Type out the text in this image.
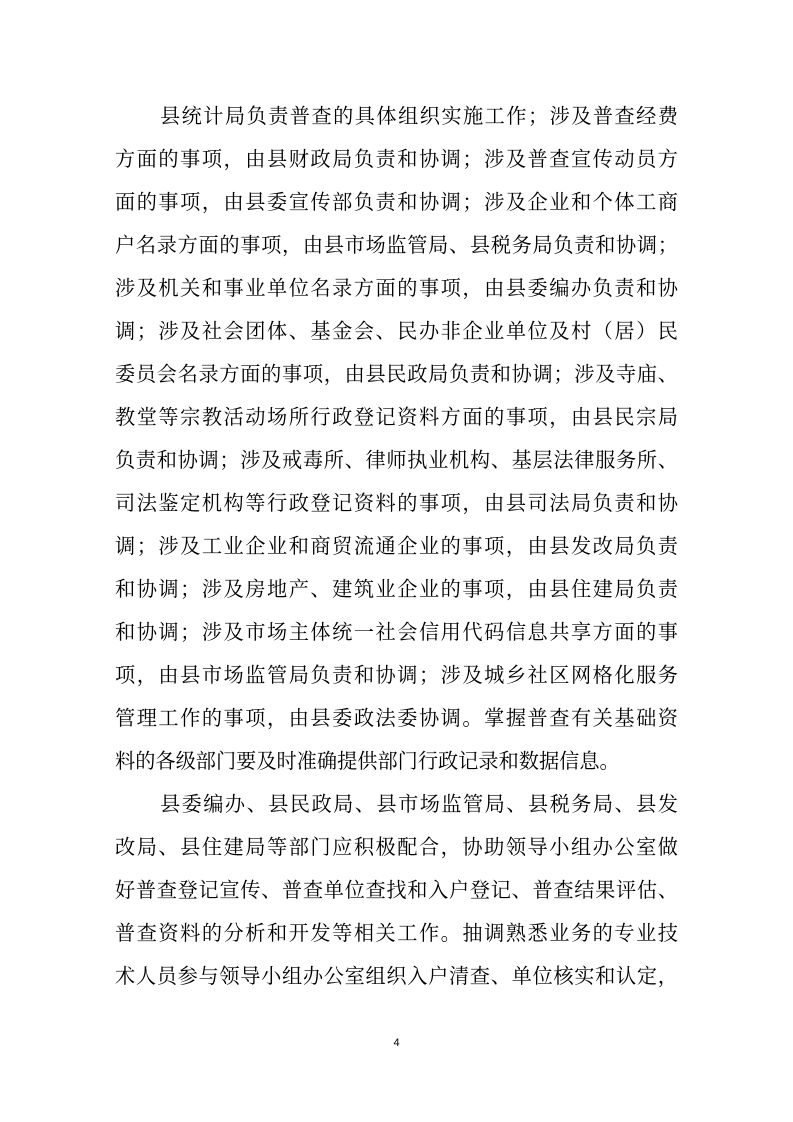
县统计局负责普查的具体组织实施工作；涉及普查经费
方面的事项，由县财政局负责和协调；涉及普查宣传动员方
面的事项，由县委宣传部负责和协调；涉及企业和个体工商
户名录方面的事项，由县市场监管局、县税务局负责和协调；
涉及机关和事业单位名录方面的事项，由县委编办负责和协
调；涉及社会团体、基金会、民办非企业单位及村（居）民
委员会名录方面的事项，由县民政局负责和协调；涉及寺庙、
教堂等宗教活动场所行政登记资料方面的事项，由县民宗局
负责和协调；涉及戒毒所、律师执业机构、基层法律服务所、
司法鉴定机构等行政登记资料的事项，由县司法局负责和协
调；涉及工业企业和商贸流通企业的事项，由县发改局负责
和协调；涉及房地产、建筑业企业的事项，由县住建局负责
和协调；涉及市场主体统一社会信用代码信息共享方面的事
项，由县市场监管局负责和协调；涉及城乡社区网格化服务
管理工作的事项，由县委政法委协调。掌握普查有关基础资
料的各级部门要及时准确提供部门行政记录和数据信息。
县委编办、县民政局、县市场监管局、县税务局、县发
改局、县住建局等部门应积极配合，协助领导小组办公室做
好普查登记宣传、普查单位查找和入户登记、普查结果评估、
普查资料的分析和开发等相关工作。抽调熟悉业务的专业技
术人员参与领导小组办公室组织入户清查、单位核实和认定，
4
